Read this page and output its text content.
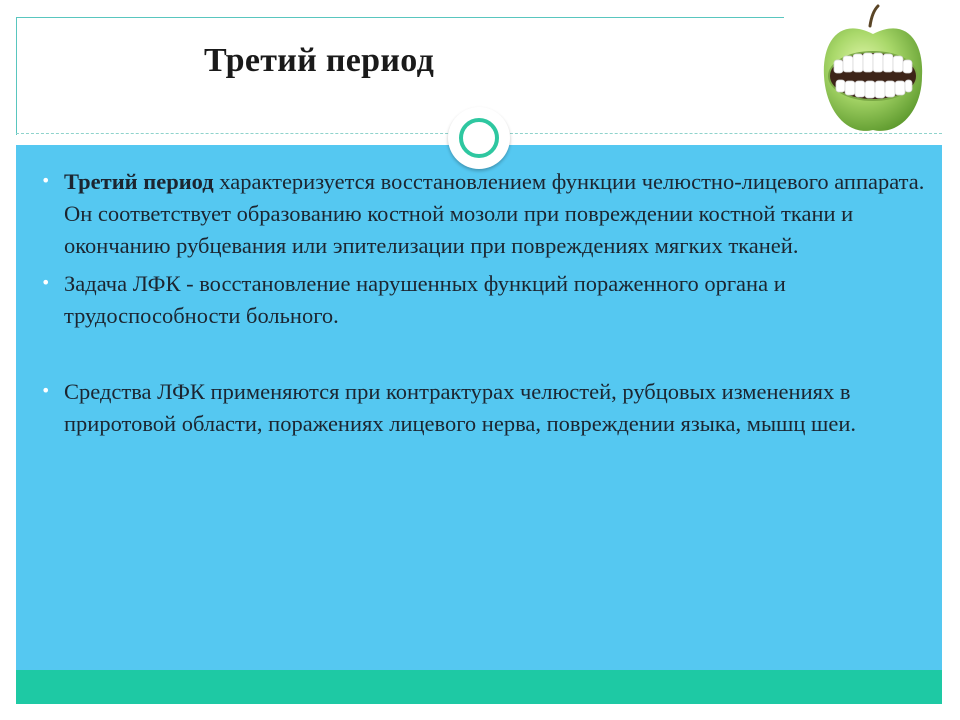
Третий период
• Третий период характеризуется восстановлением функции челюстно-лицевого аппарата. Он соответствует образованию костной мозоли при повреждении костной ткани и окончанию рубцевания или эпителизации при повреждениях мягких тканей.
• Задача ЛФК - восстановление нарушенных функций пораженного органа и трудоспособности больного.
• Средства ЛФК применяются при контрактурах челюстей, рубцовых изменениях в приротовой области, поражениях лицевого нерва, повреждении языка, мышц шеи.
